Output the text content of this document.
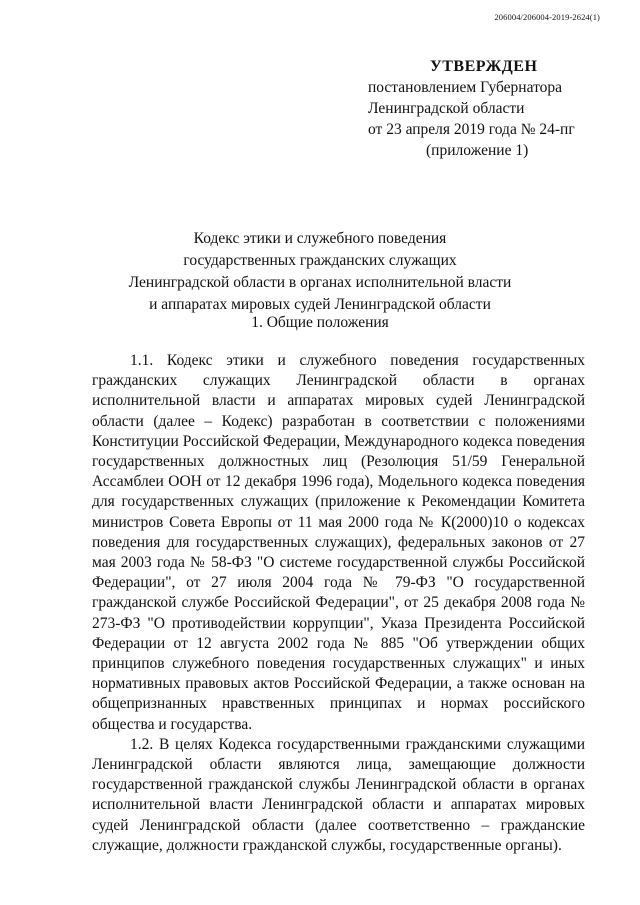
206004/206004-2019-2624(1)
УТВЕРЖДЕН
постановлением Губернатора
Ленинградской области
от 23 апреля 2019 года № 24-пг
(приложение 1)
Кодекс этики и служебного поведения
государственных гражданских служащих
Ленинградской области в органах исполнительной власти
и аппаратах мировых судей Ленинградской области
1. Общие положения

1.1. Кодекс этики и служебного поведения государственных гражданских служащих Ленинградской области в органах исполнительной власти и аппаратах мировых судей Ленинградской области (далее – Кодекс) разработан в соответствии с положениями Конституции Российской Федерации, Международного кодекса поведения государственных должностных лиц (Резолюция 51/59 Генеральной Ассамблеи ООН от 12 декабря 1996 года), Модельного кодекса поведения для государственных служащих (приложение к Рекомендации Комитета министров Совета Европы от 11 мая 2000 года № К(2000)10 о кодексах поведения для государственных служащих), федеральных законов от 27 мая 2003 года № 58-ФЗ "О системе государственной службы Российской Федерации", от 27 июля 2004 года № 79-ФЗ "О государственной гражданской службе Российской Федерации", от 25 декабря 2008 года № 273-ФЗ "О противодействии коррупции", Указа Президента Российской Федерации от 12 августа 2002 года № 885 "Об утверждении общих принципов служебного поведения государственных служащих" и иных нормативных правовых актов Российской Федерации, а также основан на общепризнанных нравственных принципах и нормах российского общества и государства.

1.2. В целях Кодекса государственными гражданскими служащими Ленинградской области являются лица, замещающие должности государственной гражданской службы Ленинградской области в органах исполнительной власти Ленинградской области и аппаратах мировых судей Ленинградской области (далее соответственно – гражданские служащие, должности гражданской службы, государственные органы).
